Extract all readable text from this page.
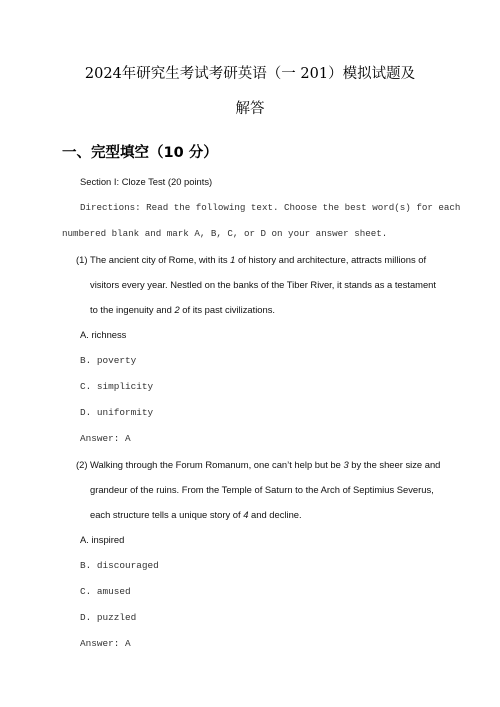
2024年研究生考试考研英语（一 201）模拟试题及
解答
一、完型填空（10 分）
Section I: Cloze Test (20 points)
Directions: Read the following text. Choose the best word(s) for each
numbered blank and mark A, B, C, or D on your answer sheet.
(1) The ancient city of Rome, with its 1 of history and architecture, attracts millions of
visitors every year. Nestled on the banks of the Tiber River, it stands as a testament
to the ingenuity and 2 of its past civilizations.
A. richness
B. poverty
C. simplicity
D. uniformity
Answer: A
(2) Walking through the Forum Romanum, one can’t help but be 3 by the sheer size and
grandeur of the ruins. From the Temple of Saturn to the Arch of Septimius Severus,
each structure tells a unique story of 4 and decline.
A. inspired
B. discouraged
C. amused
D. puzzled
Answer: A
